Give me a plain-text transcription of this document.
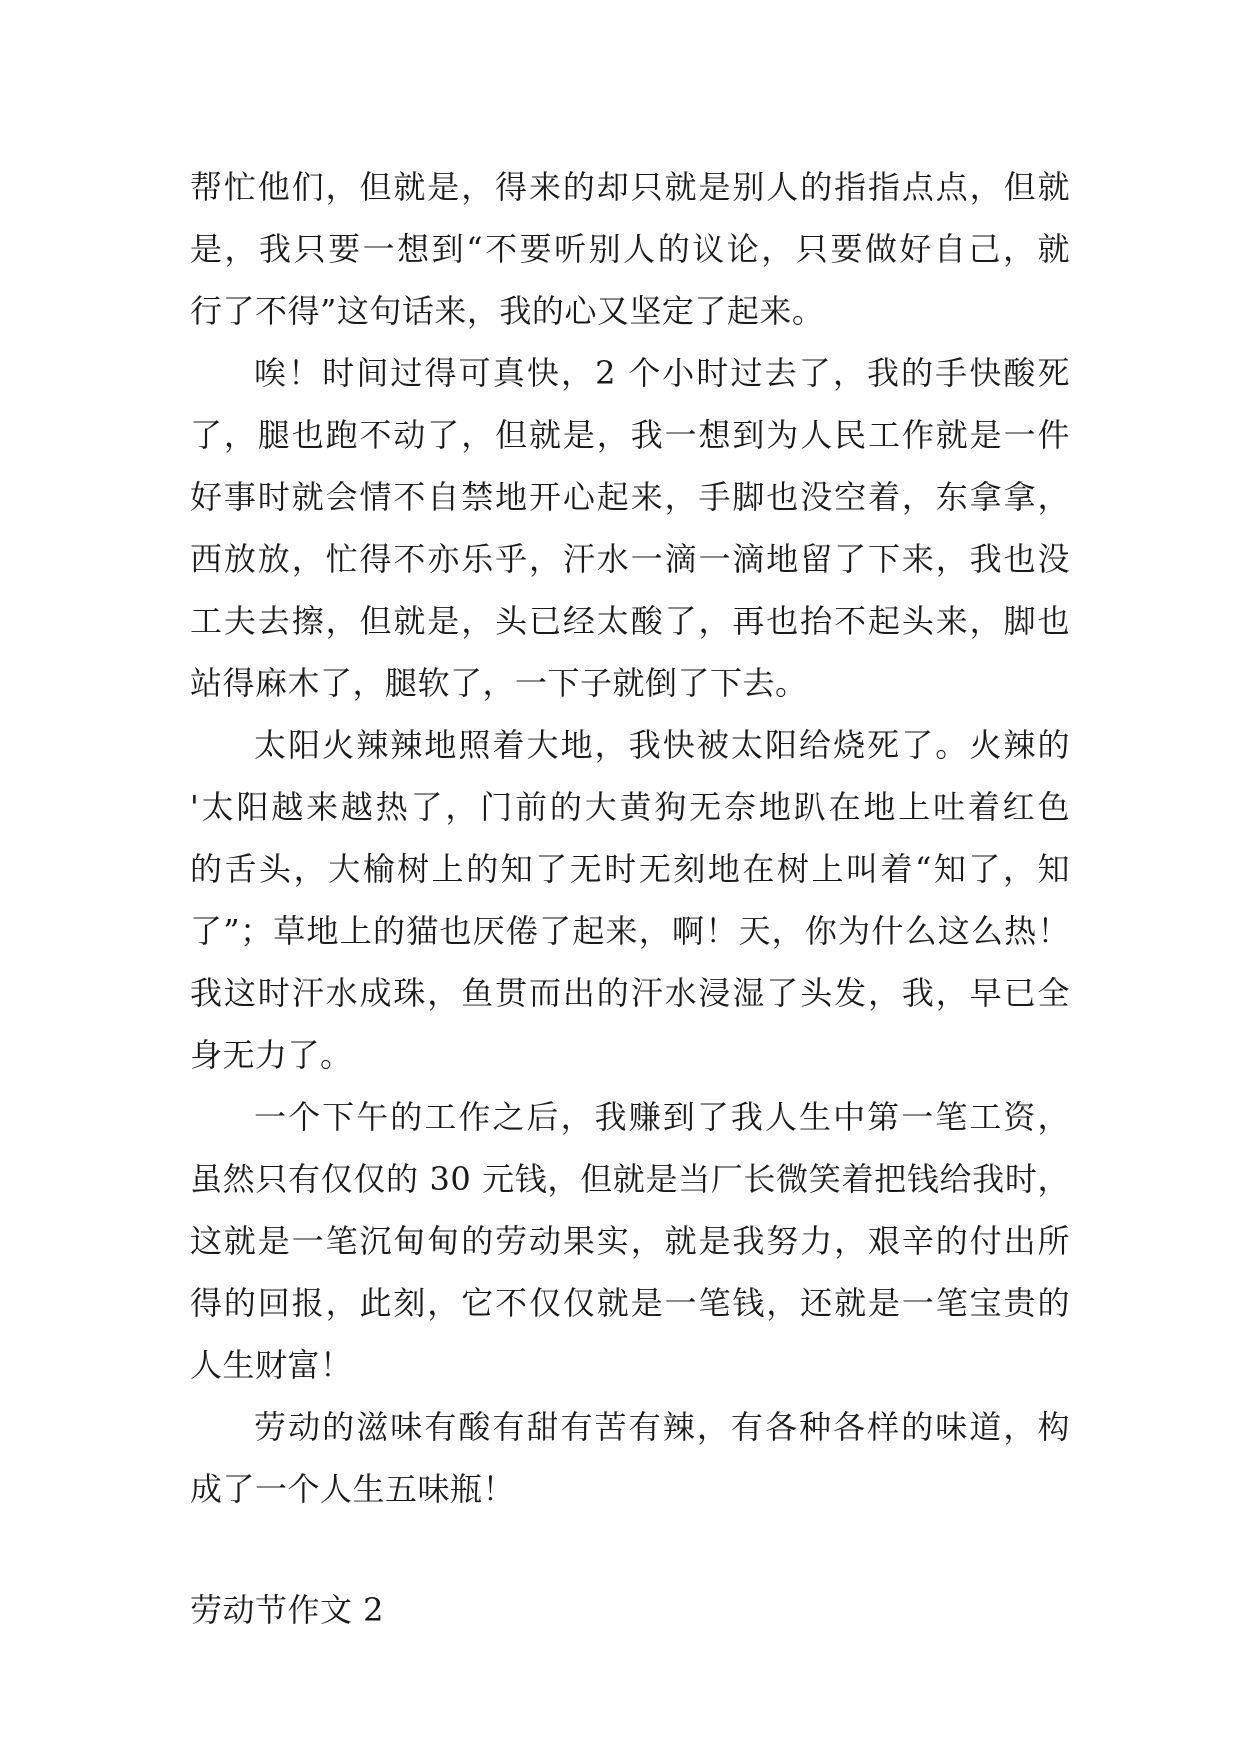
帮忙他们，但就是，得来的却只就是别人的指指点点，但就
是，我只要一想到“不要听别人的议论，只要做好自己，就
行了不得”这句话来，我的心又坚定了起来。
唉！时间过得可真快，2 个小时过去了，我的手快酸死
了，腿也跑不动了，但就是，我一想到为人民工作就是一件
好事时就会情不自禁地开心起来，手脚也没空着，东拿拿，
西放放，忙得不亦乐乎，汗水一滴一滴地留了下来，我也没
工夫去擦，但就是，头已经太酸了，再也抬不起头来，脚也
站得麻木了，腿软了，一下子就倒了下去。
太阳火辣辣地照着大地，我快被太阳给烧死了。火辣的
'太阳越来越热了，门前的大黄狗无奈地趴在地上吐着红色
的舌头，大榆树上的知了无时无刻地在树上叫着“知了，知
了”；草地上的猫也厌倦了起来，啊！天，你为什么这么热！
我这时汗水成珠，鱼贯而出的汗水浸湿了头发，我，早已全
身无力了。
一个下午的工作之后，我赚到了我人生中第一笔工资，
虽然只有仅仅的 30 元钱，但就是当厂长微笑着把钱给我时，
这就是一笔沉甸甸的劳动果实，就是我努力，艰辛的付出所
得的回报，此刻，它不仅仅就是一笔钱，还就是一笔宝贵的
人生财富！
劳动的滋味有酸有甜有苦有辣，有各种各样的味道，构
成了一个人生五味瓶！
劳动节作文 2
